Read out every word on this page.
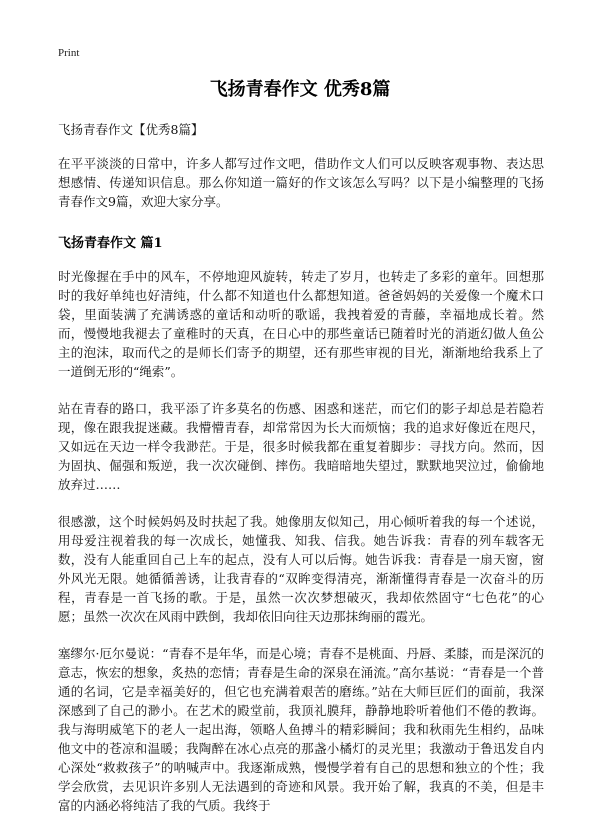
Print
飞扬青春作文 优秀8篇

飞扬青春作文【优秀8篇】

在平平淡淡的日常中，许多人都写过作文吧，借助作文人们可以反映客观事物、表达思想感情、传递知识信息。那么你知道一篇好的作文该怎么写吗？以下是小编整理的飞扬青春作文9篇，欢迎大家分享。

飞扬青春作文 篇1

时光像握在手中的风车，不停地迎风旋转，转走了岁月，也转走了多彩的童年。回想那时的我好单纯也好清纯，什么都不知道也什么都想知道。爸爸妈妈的关爱像一个魔术口袋，里面装满了充满诱惑的童话和动听的歌谣，我拽着爱的青藤，幸福地成长着。然而，慢慢地我褪去了童稚时的天真，在日心中的那些童话已随着时光的消逝幻做人鱼公主的泡沫，取而代之的是师长们寄予的期望，还有那些审视的目光，渐渐地给我系上了一道倒无形的“绳索”。

站在青春的路口，我平添了许多莫名的伤感、困惑和迷茫，而它们的影子却总是若隐若现，像在跟我捉迷藏。我懵懵青春，却常常因为长大而烦恼；我的追求好像近在咫尺，又如远在天边一样令我渺茫。于是，很多时候我都在重复着脚步：寻找方向。然而，因为固执、倔强和叛逆，我一次次碰倒、摔伤。我暗暗地失望过，默默地哭泣过，偷偷地放弃过……

很感激，这个时候妈妈及时扶起了我。她像朋友似知己，用心倾听着我的每一个述说，用母爱注视着我的每一次成长，她懂我、知我、信我。她告诉我：青春的列车载客无数，没有人能重回自己上车的起点，没有人可以后悔。她告诉我：青春是一扇天窗，窗外风光无限。她循循善诱，让我青春的“双眸变得清亮，渐渐懂得青春是一次奋斗的历程，青春是一首飞扬的歌。于是，虽然一次次梦想破灭，我却依然固守“七色花”的心愿；虽然一次次在风雨中跌倒，我却依旧向往天边那抹绚丽的霞光。

塞缪尔·厄尔曼说：“青春不是年华，而是心境；青春不是桃面、丹唇、柔膝，而是深沉的意志，恢宏的想象，炙热的恋情；青春是生命的深泉在涌流。”高尔基说：“青春是一个普通的名词，它是幸福美好的，但它也充满着艰苦的磨练。”站在大师巨匠们的面前，我深深感到了自己的渺小。在艺术的殿堂前，我顶礼膜拜，静静地聆听着他们不倦的教诲。我与海明威笔下的老人一起出海，领略人鱼搏斗的精彩瞬间；我和秋雨先生相约，品味他文中的苍凉和温暖；我陶醉在冰心点亮的那盏小橘灯的灵光里；我激动于鲁迅发自内心深处“救救孩子”的呐喊声中。我逐渐成熟，慢慢学着有自己的思想和独立的个性；我学会欣赏，去见识许多别人无法遇到的奇迹和风景。我开始了解，我真的不美，但是丰富的内涵必将纯洁了我的气质。我终于
